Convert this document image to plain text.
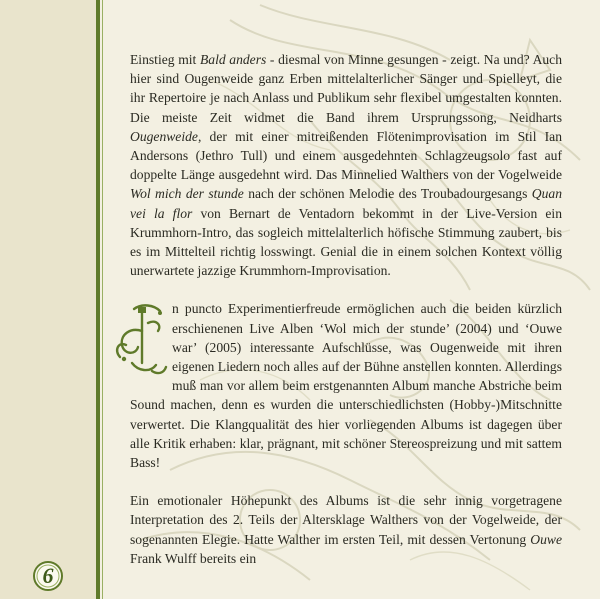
Einstieg mit Bald anders - diesmal von Minne gesungen - zeigt. Na und? Auch hier sind Ougenweide ganz Erben mittelalterlicher Sänger und Spielleyt, die ihr Repertoire je nach Anlass und Publikum sehr flexibel umgestalten konnten. Die meiste Zeit widmet die Band ihrem Ursprungssong, Neidharts Ougenweide, der mit einer mitreißenden Flötenimprovisation im Stil Ian Andersons (Jethro Tull) und einem ausgedehnten Schlagzeugsolo fast auf doppelte Länge ausgedehnt wird. Das Minnelied Walthers von der Vogelweide Wol mich der stunde nach der schönen Melodie des Troubadourgesangs Quan vei la flor von Bernart de Ventadorn bekommt in der Live-Version ein Krummhorn-Intro, das sogleich mittelalterlich höfische Stimmung zaubert, bis es im Mittelteil richtig losswingt. Genial die in einem solchen Kontext völlig unerwartete jazzige Krummhorn-Improvisation.

n puncto Experimentierfreude ermöglichen auch die beiden kürzlich erschienenen Live Alben ‘Wol mich der stunde’ (2004) und ‘Ouwe war’ (2005) interessante Aufschlüsse, was Ougenweide mit ihren eigenen Liedern noch alles auf der Bühne anstellen konnten. Allerdings muß man vor allem beim erstgenannten Album manche Abstriche beim Sound machen, denn es wurden die unterschiedlichsten (Hobby-)Mitschnitte verwertet. Die Klangqualität des hier vorliegenden Albums ist dagegen über alle Kritik erhaben: klar, prägnant, mit schöner Stereospreizung und mit sattem Bass!

Ein emotionaler Höhepunkt des Albums ist die sehr innig vorgetragene Interpretation des 2. Teils der Altersklage Walthers von der Vogelweide, der sogenannten Elegie. Hatte Walther im ersten Teil, mit dessen Vertonung Ouwe Frank Wulff bereits ein

6
